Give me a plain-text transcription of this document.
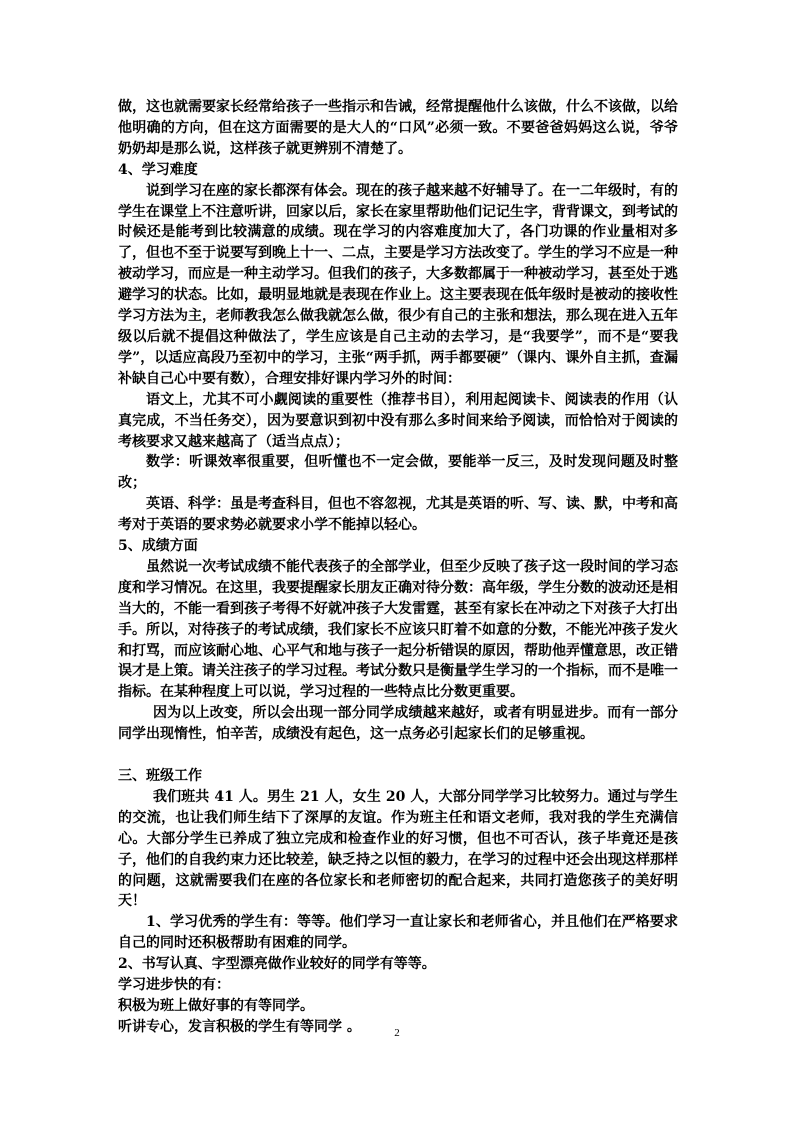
做，这也就需要家长经常给孩子一些指示和告诫，经常提醒他什么该做，什么不该做，以给他明确的方向，但在这方面需要的是大人的“口风”必须一致。不要爸爸妈妈这么说，爷爷奶奶却是那么说，这样孩子就更辨别不清楚了。

4、学习难度

说到学习在座的家长都深有体会。现在的孩子越来越不好辅导了。在一二年级时，有的学生在课堂上不注意听讲，回家以后，家长在家里帮助他们记记生字，背背课文，到考试的时候还是能考到比较满意的成绩。现在学习的内容难度加大了，各门功课的作业量相对多了，但也不至于说要写到晚上十一、二点，主要是学习方法改变了。学生的学习不应是一种被动学习，而应是一种主动学习。但我们的孩子，大多数都属于一种被动学习，甚至处于逃避学习的状态。比如，最明显地就是表现在作业上。这主要表现在低年级时是被动的接收性学习方法为主，老师教我怎么做我就怎么做，很少有自己的主张和想法，那么现在进入五年级以后就不提倡这种做法了，学生应该是自己主动的去学习，是“我要学”，而不是“要我学”，以适应高段乃至初中的学习，主张“两手抓，两手都要硬”（课内、课外自主抓，查漏补缺自己心中要有数），合理安排好课内学习外的时间：

语文上，尤其不可小觑阅读的重要性（推荐书目），利用起阅读卡、阅读表的作用（认真完成，不当任务交），因为要意识到初中没有那么多时间来给予阅读，而恰恰对于阅读的考核要求又越来越高了（适当点点）；

数学：听课效率很重要，但听懂也不一定会做，要能举一反三，及时发现问题及时整改；

英语、科学：虽是考查科目，但也不容忽视，尤其是英语的听、写、读、默，中考和高考对于英语的要求势必就要求小学不能掉以轻心。

5、成绩方面

虽然说一次考试成绩不能代表孩子的全部学业，但至少反映了孩子这一段时间的学习态度和学习情况。在这里，我要提醒家长朋友正确对待分数：高年级，学生分数的波动还是相当大的，不能一看到孩子考得不好就冲孩子大发雷霆，甚至有家长在冲动之下对孩子大打出手。所以，对待孩子的考试成绩，我们家长不应该只盯着不如意的分数，不能光冲孩子发火和打骂，而应该耐心地、心平气和地与孩子一起分析错误的原因，帮助他弄懂意思，改正错误才是上策。请关注孩子的学习过程。考试分数只是衡量学生学习的一个指标，而不是唯一指标。在某种程度上可以说，学习过程的一些特点比分数更重要。

因为以上改变，所以会出现一部分同学成绩越来越好，或者有明显进步。而有一部分同学出现惰性，怕辛苦，成绩没有起色，这一点务必引起家长们的足够重视。

三、班级工作

我们班共 41 人。男生 21 人，女生 20 人，大部分同学学习比较努力。通过与学生的交流，也让我们师生结下了深厚的友谊。作为班主任和语文老师，我对我的学生充满信心。大部分学生已养成了独立完成和检查作业的好习惯，但也不可否认，孩子毕竟还是孩子，他们的自我约束力还比较差，缺乏持之以恒的毅力，在学习的过程中还会出现这样那样的问题，这就需要我们在座的各位家长和老师密切的配合起来，共同打造您孩子的美好明天！

1、学习优秀的学生有：等等。他们学习一直让家长和老师省心，并且他们在严格要求自己的同时还积极帮助有困难的同学。

2、书写认真、字型漂亮做作业较好的同学有等等。

学习进步快的有：

积极为班上做好事的有等同学。

听讲专心，发言积极的学生有等同学 。	2
